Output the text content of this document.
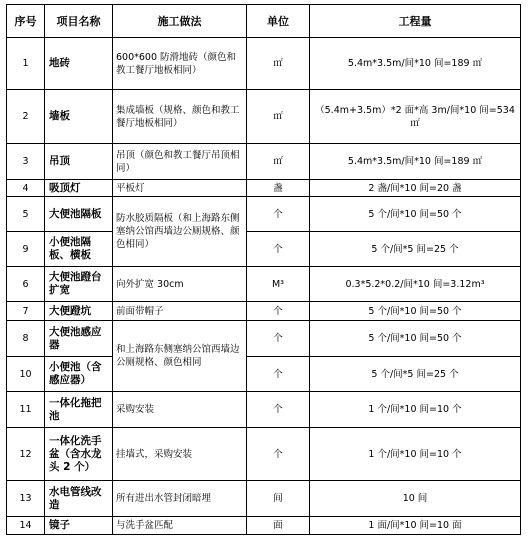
序号	项目名称	施工做法	单位	工程量
1	地砖	600*600 防滑地砖（颜色和教工餐厅地板相同）	㎡	5.4m*3.5m/间*10 间=189 ㎡
2	墙板	集成墙板（规格、颜色和教工餐厅地板相同）	㎡	（5.4m+3.5m）*2 面*高 3m/间*10 间=534 ㎡
3	吊顶	吊顶（颜色和教工餐厅吊顶相同）	㎡	5.4m*3.5m/间*10 间=189 ㎡
4	吸顶灯	平板灯	盏	2 盏/间*10 间=20 盏
5	大便池隔板	防水胶质隔板（和上海路东侧塞纳公馆西墙边公厕规格、颜色相同）	个	5 个/间*10 间=50 个
9	小便池隔板、横板		个	5 个/间*5 间=25 个
6	大便池蹬台扩宽	向外扩宽 30cm	M³	0.3*5.2*0.2/间*10 间=3.12m³
7	大便蹬坑	前面带帽子	个	5 个/间*10 间=50 个
8	大便池感应器	和上海路东侧塞纳公馆西墙边公厕规格、颜色相同	个	5 个/间*10 间=50 个
10	小便池（含感应器）		个	5 个/间*5 间=25 个
11	一体化拖把池	采购安装	个	1 个/间*10 间=10 个
12	一体化洗手盆（含水龙头 2 个）	挂墙式，采购安装	个	1 个/间*10 间=10 个
13	水电管线改造	所有进出水管封闭暗埋	间	10 间
14	镜子	与洗手盆匹配	面	1 面/间*10 间=10 面
